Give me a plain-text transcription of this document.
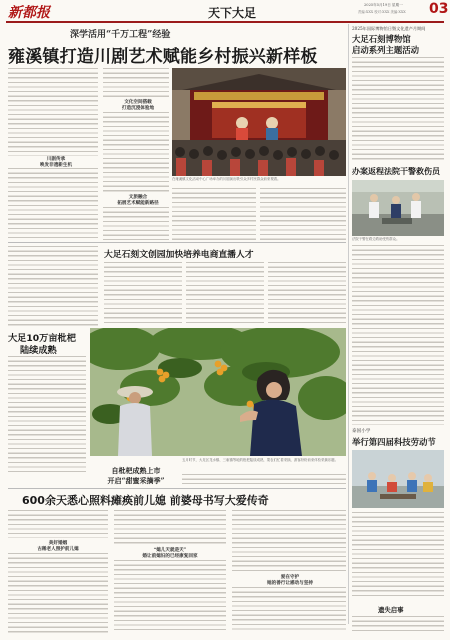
新都报	天下大足
2025年5月19日 星期一
责编:XXX 校对:XXX 美编:XXX 03
深学活用“千万工程”经验
雍溪镇打造川剧艺术赋能乡村振兴新样板
川剧传承
唤发非遗新生机
文化空间搭载
打造沉浸体验地
文旅融合
拓展艺术赋能新路径
在雍溪镇文化活动中心广场举办的川剧演出吸引众多村民群众前来观看。
2025年国际博物馆日暨文化遗产月期间
大足石刻博物馆
启动系列主题活动
办案返程法院干警救伤员
法院干警在路边救助受伤群众。
泰国小学
举行第四届科技劳动节
遗失启事
大足石刻文创园加快培养电商直播人才
大足10万亩枇杷
陆续成熟
自枇杷成熟上市
开启“甜蜜采摘季”
五月时节，大足区龙水镇、三驱镇等地的枇杷陆续成熟，果农们忙着采摘，游客纷纷前来体验采摘乐趣。
600余天悉心照料瘫痪前儿媳 前婆母书写大爱传奇
美好婚姻
古稀老人照护前儿媳	“媳儿天就是天”
婚让前媳妇的已经康复回家
爱在守护
她的善行让感动与坚持
